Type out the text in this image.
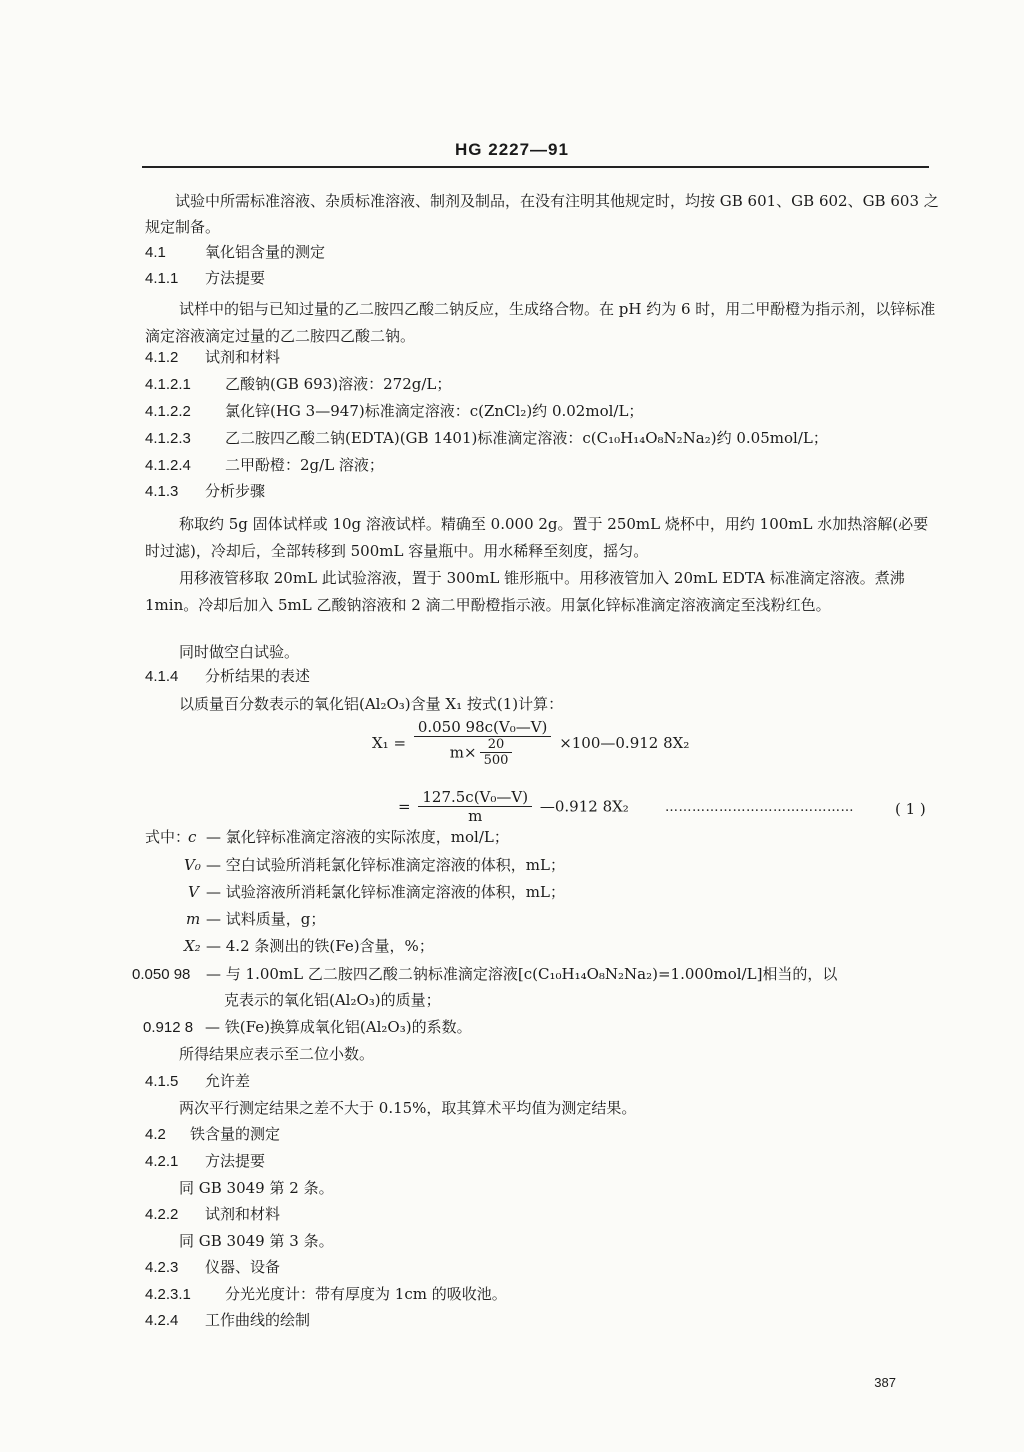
HG 2227—91
试验中所需标准溶液、杂质标准溶液、制剂及制品，在没有注明其他规定时，均按 GB 601、GB 602、GB 603 之规定制备。
4.1	氧化铝含量的测定
4.1.1 方法提要
试样中的铝与已知过量的乙二胺四乙酸二钠反应，生成络合物。在 pH 约为 6 时，用二甲酚橙为指示剂，以锌标准滴定溶液滴定过量的乙二胺四乙酸二钠。
4.1.2 试剂和材料
4.1.2.1 乙酸钠(GB 693)溶液：272g/L；
4.1.2.2 氯化锌(HG 3—947)标准滴定溶液：c(ZnCl₂)约 0.02mol/L；
4.1.2.3 乙二胺四乙酸二钠(EDTA)(GB 1401)标准滴定溶液：c(C₁₀H₁₄O₈N₂Na₂)约 0.05mol/L；
4.1.2.4 二甲酚橙：2g/L 溶液；
4.1.3 分析步骤
称取约 5g 固体试样或 10g 溶液试样。精确至 0.000 2g。置于 250mL 烧杯中，用约 100mL 水加热溶解(必要时过滤)，冷却后，全部转移到 500mL 容量瓶中。用水稀释至刻度，摇匀。
用移液管移取 20mL 此试验溶液，置于 300mL 锥形瓶中。用移液管加入 20mL EDTA 标准滴定溶液。煮沸 1min。冷却后加入 5mL 乙酸钠溶液和 2 滴二甲酚橙指示液。用氯化锌标准滴定溶液滴定至浅粉红色。
同时做空白试验。
4.1.4 分析结果的表述
以质量百分数表示的氧化铝(Al₂O₃)含量 X₁ 按式(1)计算：
$X_1 = \frac{\text{0.050 98c(V₀—V)}}{m\times \frac{20}{500}}$ ×100—0.912 8X₂
= $\frac{\text{127.5c(V₀—V)}}{m}$ —0.912 8X₂	……………………………………	( 1 )
式中：
c — 氯化锌标准滴定溶液的实际浓度，mol/L；
V₀ — 空白试验所消耗氯化锌标准滴定溶液的体积，mL；
V — 试验溶液所消耗氯化锌标准滴定溶液的体积，mL；
m — 试料质量，g；
X₂ — 4.2 条测出的铁(Fe)含量，%；
0.050 98 — 与 1.00mL 乙二胺四乙酸二钠标准滴定溶液[c(C₁₀H₁₄O₈N₂Na₂)=1.000mol/L]相当的，以
克表示的氧化铝(Al₂O₃)的质量；
0.912 8 — 铁(Fe)换算成氧化铝(Al₂O₃)的系数。
所得结果应表示至二位小数。
4.1.5 允许差
两次平行测定结果之差不大于 0.15%，取其算术平均值为测定结果。
4.2 铁含量的测定
4.2.1 方法提要
同 GB 3049 第 2 条。
4.2.2 试剂和材料
同 GB 3049 第 3 条。
4.2.3 仪器、设备
4.2.3.1 分光光度计：带有厚度为 1cm 的吸收池。
4.2.4 工作曲线的绘制
387
